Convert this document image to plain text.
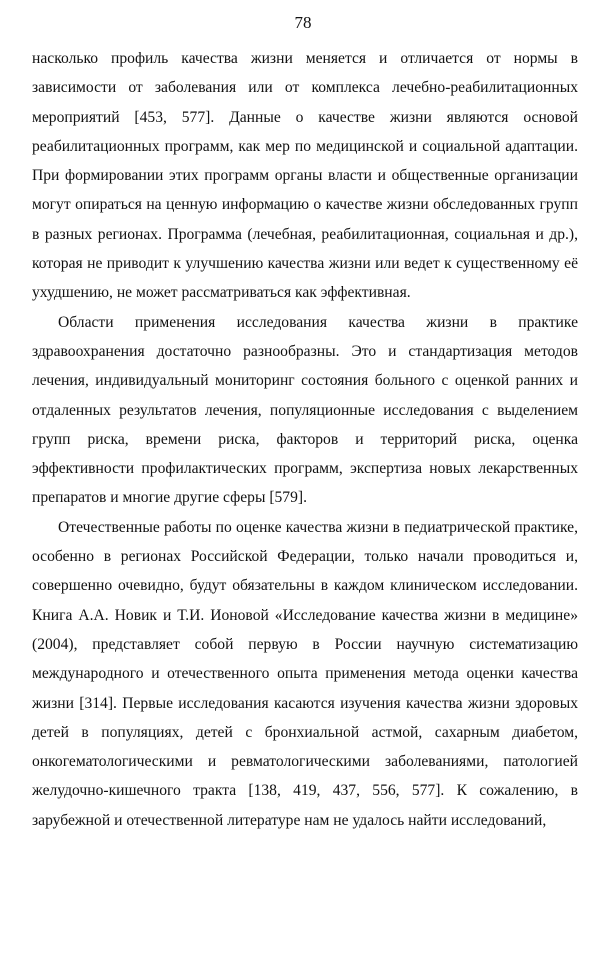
78

насколько профиль качества жизни меняется и отличается от нормы в зависимости от заболевания или от комплекса лечебно-реабилитационных мероприятий [453, 577]. Данные о качестве жизни являются основой реабилитационных программ, как мер по медицинской и социальной адаптации. При формировании этих программ органы власти и общественные организации могут опираться на ценную информацию о качестве жизни обследованных групп в разных регионах. Программа (лечебная, реабилитационная, социальная и др.), которая не приводит к улучшению качества жизни или ведет к существенному её ухудшению, не может рассматриваться как эффективная.

Области применения исследования качества жизни в практике здравоохранения достаточно разнообразны. Это и стандартизация методов лечения, индивидуальный мониторинг состояния больного с оценкой ранних и отдаленных результатов лечения, популяционные исследования с выделением групп риска, времени риска, факторов и территорий риска, оценка эффективности профилактических программ, экспертиза новых лекарственных препаратов и многие другие сферы [579].

Отечественные работы по оценке качества жизни в педиатрической практике, особенно в регионах Российской Федерации, только начали проводиться и, совершенно очевидно, будут обязательны в каждом клиническом исследовании. Книга А.А. Новик и Т.И. Ионовой «Исследование качества жизни в медицине» (2004), представляет собой первую в России научную систематизацию международного и отечественного опыта применения метода оценки качества жизни [314]. Первые исследования касаются изучения качества жизни здоровых детей в популяциях, детей с бронхиальной астмой, сахарным диабетом, онкогематологическими и ревматологическими заболеваниями, патологией желудочно-кишечного тракта [138, 419, 437, 556, 577]. К сожалению, в зарубежной и отечественной литературе нам не удалось найти исследований,
